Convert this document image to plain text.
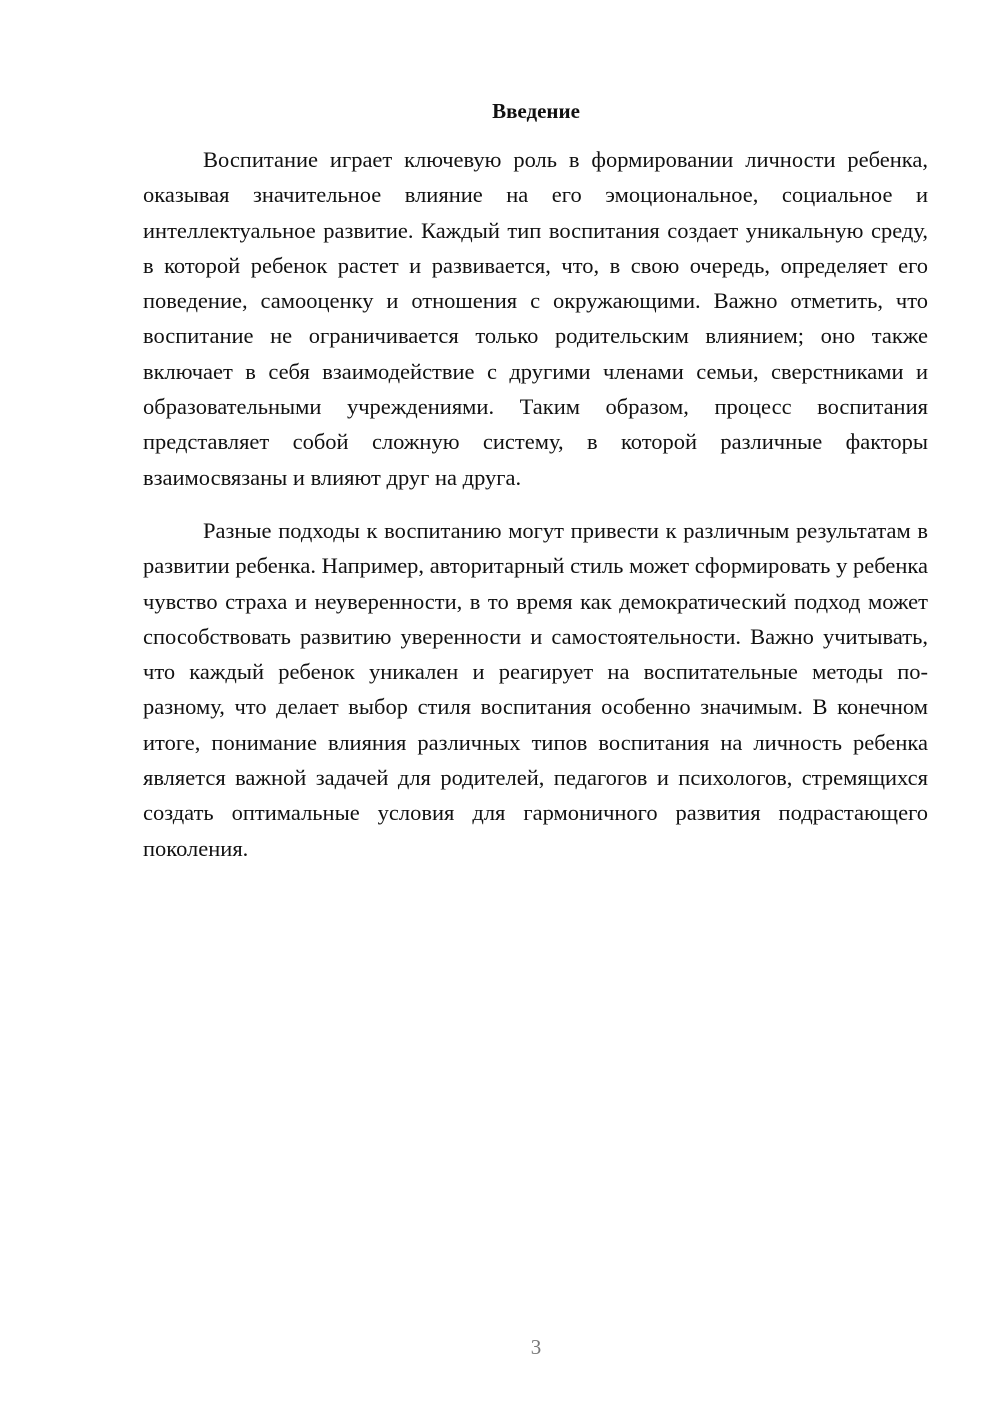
Введение

Воспитание играет ключевую роль в формировании личности ребенка, оказывая значительное влияние на его эмоциональное, социальное и интеллектуальное развитие. Каждый тип воспитания создает уникальную среду, в которой ребенок растет и развивается, что, в свою очередь, определяет его поведение, самооценку и отношения с окружающими. Важно отметить, что воспитание не ограничивается только родительским влиянием; оно также включает в себя взаимодействие с другими членами семьи, сверстниками и образовательными учреждениями. Таким образом, процесс воспитания представляет собой сложную систему, в которой различные факторы взаимосвязаны и влияют друг на друга.

Разные подходы к воспитанию могут привести к различным результатам в развитии ребенка. Например, авторитарный стиль может сформировать у ребенка чувство страха и неуверенности, в то время как демократический подход может способствовать развитию уверенности и самостоятельности. Важно учитывать, что каждый ребенок уникален и реагирует на воспитательные методы по-разному, что делает выбор стиля воспитания особенно значимым. В конечном итоге, понимание влияния различных типов воспитания на личность ребенка является важной задачей для родителей, педагогов и психологов, стремящихся создать оптимальные условия для гармоничного развития подрастающего поколения.

3
